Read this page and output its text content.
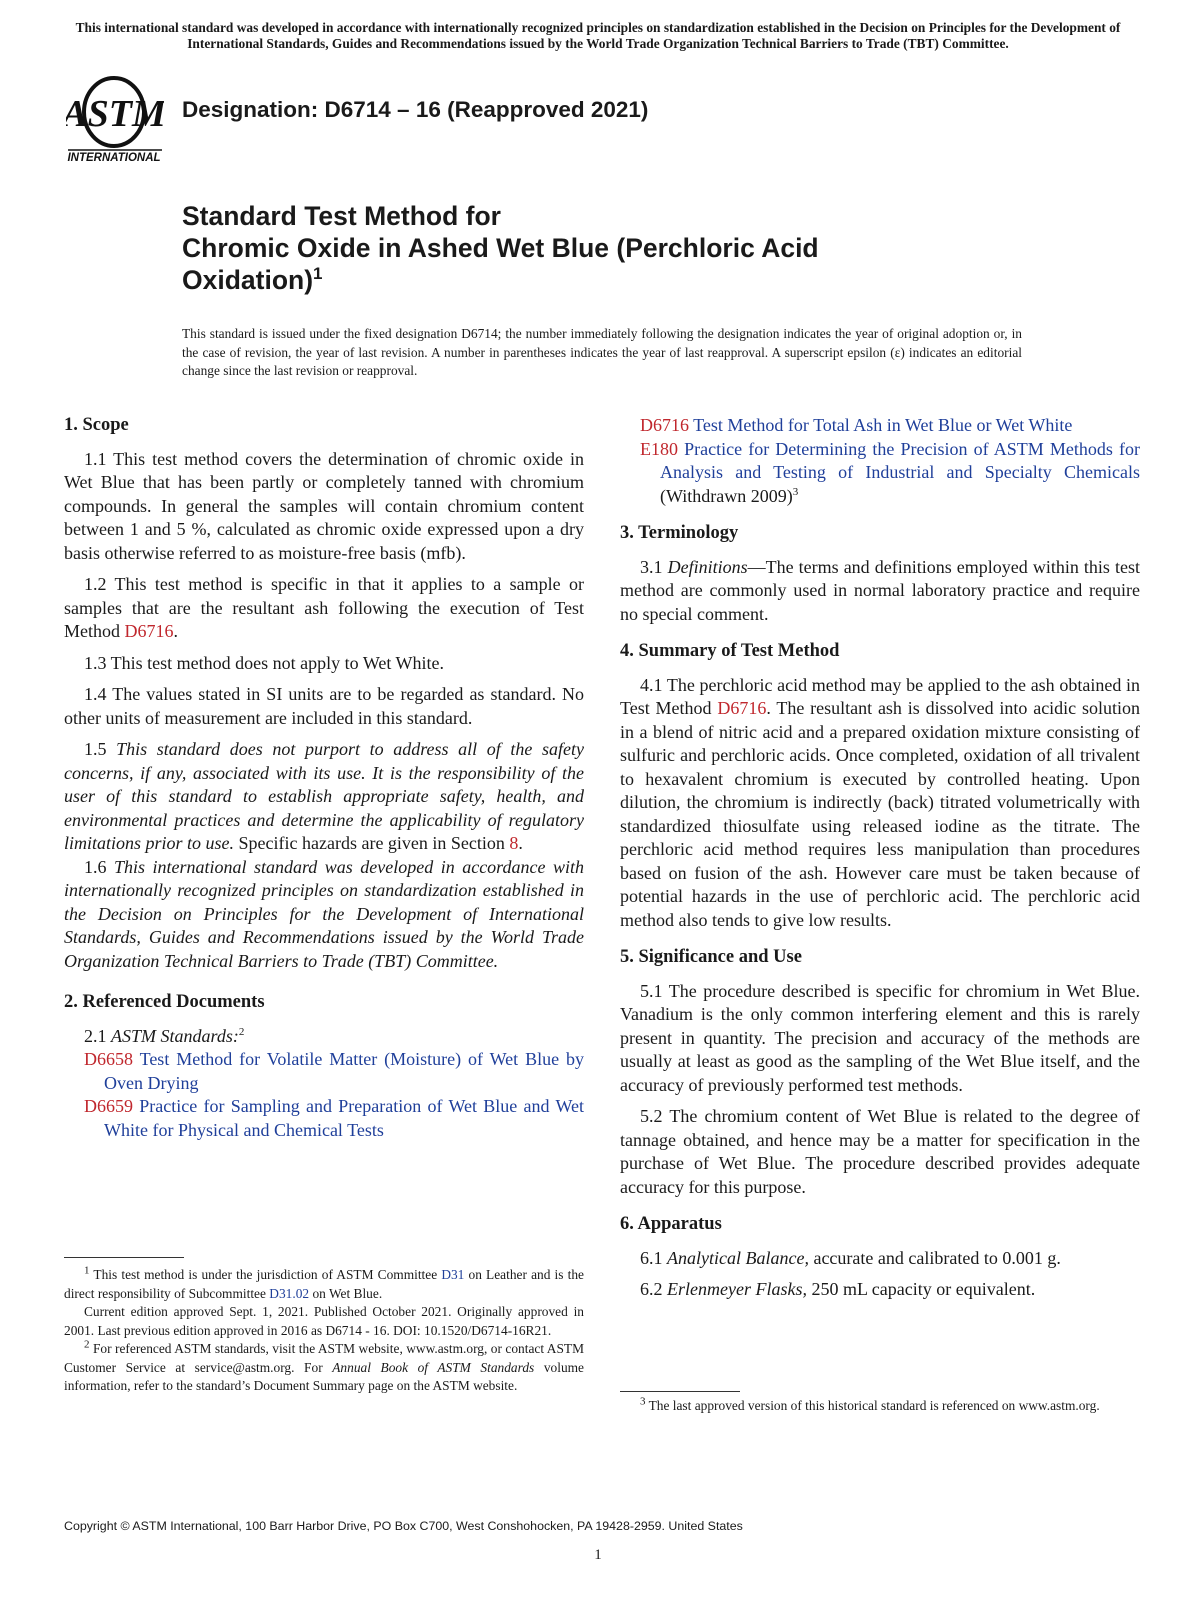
This international standard was developed in accordance with internationally recognized principles on standardization established in the Decision on Principles for the Development of International Standards, Guides and Recommendations issued by the World Trade Organization Technical Barriers to Trade (TBT) Committee.
ASTM
INTERNATIONAL
Designation: D6714 – 16 (Reapproved 2021)
Standard Test Method for
Chromic Oxide in Ashed Wet Blue (Perchloric Acid
Oxidation)$^1$
This standard is issued under the fixed designation D6714; the number immediately following the designation indicates the year of original adoption or, in the case of revision, the year of last revision. A number in parentheses indicates the year of last reapproval. A superscript epsilon (ε) indicates an editorial change since the last revision or reapproval.
1. Scope

1.1 This test method covers the determination of chromic oxide in Wet Blue that has been partly or completely tanned with chromium compounds. In general the samples will contain chromium content between 1 and 5 %, calculated as chromic oxide expressed upon a dry basis otherwise referred to as moisture-free basis (mfb).

1.2 This test method is specific in that it applies to a sample or samples that are the resultant ash following the execution of Test Method D6716.

1.3 This test method does not apply to Wet White.

1.4 The values stated in SI units are to be regarded as standard. No other units of measurement are included in this standard.

1.5 This standard does not purport to address all of the safety concerns, if any, associated with its use. It is the responsibility of the user of this standard to establish appropriate safety, health, and environmental practices and determine the applicability of regulatory limitations prior to use. Specific hazards are given in Section 8.

1.6 This international standard was developed in accordance with internationally recognized principles on standardization established in the Decision on Principles for the Development of International Standards, Guides and Recommendations issued by the World Trade Organization Technical Barriers to Trade (TBT) Committee.

2. Referenced Documents

2.1 ASTM Standards:$^2$

D6658 Test Method for Volatile Matter (Moisture) of Wet Blue by Oven Drying

D6659 Practice for Sampling and Preparation of Wet Blue and Wet White for Physical and Chemical Tests

$^1$ This test method is under the jurisdiction of ASTM Committee D31 on Leather and is the direct responsibility of Subcommittee D31.02 on Wet Blue.

Current edition approved Sept. 1, 2021. Published October 2021. Originally approved in 2001. Last previous edition approved in 2016 as D6714 - 16. DOI: 10.1520/D6714-16R21.

$^2$ For referenced ASTM standards, visit the ASTM website, www.astm.org, or contact ASTM Customer Service at service@astm.org. For Annual Book of ASTM Standards volume information, refer to the standard’s Document Summary page on the ASTM website.

D6716 Test Method for Total Ash in Wet Blue or Wet White

E180 Practice for Determining the Precision of ASTM Methods for Analysis and Testing of Industrial and Specialty Chemicals (Withdrawn 2009)$^3$

3. Terminology

3.1 Definitions—The terms and definitions employed within this test method are commonly used in normal laboratory practice and require no special comment.

4. Summary of Test Method

4.1 The perchloric acid method may be applied to the ash obtained in Test Method D6716. The resultant ash is dissolved into acidic solution in a blend of nitric acid and a prepared oxidation mixture consisting of sulfuric and perchloric acids. Once completed, oxidation of all trivalent to hexavalent chromium is executed by controlled heating. Upon dilution, the chromium is indirectly (back) titrated volumetrically with standardized thiosulfate using released iodine as the titrate. The perchloric acid method requires less manipulation than procedures based on fusion of the ash. However care must be taken because of potential hazards in the use of perchloric acid. The perchloric acid method also tends to give low results.

5. Significance and Use

5.1 The procedure described is specific for chromium in Wet Blue. Vanadium is the only common interfering element and this is rarely present in quantity. The precision and accuracy of the methods are usually at least as good as the sampling of the Wet Blue itself, and the accuracy of previously performed test methods.

5.2 The chromium content of Wet Blue is related to the degree of tannage obtained, and hence may be a matter for specification in the purchase of Wet Blue. The procedure described provides adequate accuracy for this purpose.

6. Apparatus

6.1 Analytical Balance, accurate and calibrated to 0.001 g.

6.2 Erlenmeyer Flasks, 250 mL capacity or equivalent.

$^3$ The last approved version of this historical standard is referenced on www.astm.org.

Copyright © ASTM International, 100 Barr Harbor Drive, PO Box C700, West Conshohocken, PA 19428-2959. United States
1
